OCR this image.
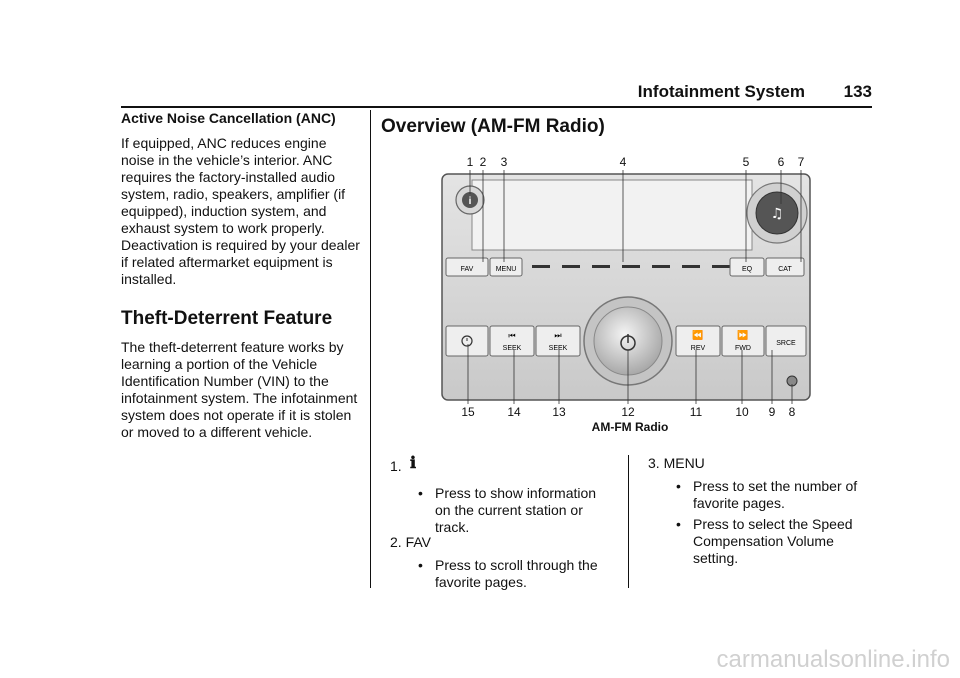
Infotainment System 133
Active Noise Cancellation (ANC)

If equipped, ANC reduces engine noise in the vehicle’s interior. ANC requires the factory-installed audio system, radio, speakers, amplifier (if equipped), induction system, and exhaust system to work properly. Deactivation is required by your dealer if related aftermarket equipment is installed.

Theft-Deterrent Feature

The theft-deterrent feature works by learning a portion of the Vehicle Identification Number (VIN) to the infotainment system. The infotainment system does not operate if it is stolen or moved to a different vehicle.

Overview (AM-FM Radio)
1 2 3	4	5 6 7
15	14	13	12	11	10 9 8
i
♫
FAV	MENU	EQ	CAT
⏮
SEEK
⏭
SEEK
⏪
REV
⏩
FWD
SRCE
AM-FM Radio
1. ℹ
• Press to show information on the current station or track.
2. FAV
• Press to scroll through the favorite pages.
3. MENU
• Press to set the number of favorite pages.
• Press to select the Speed Compensation Volume setting.
carmanualsonline.info
